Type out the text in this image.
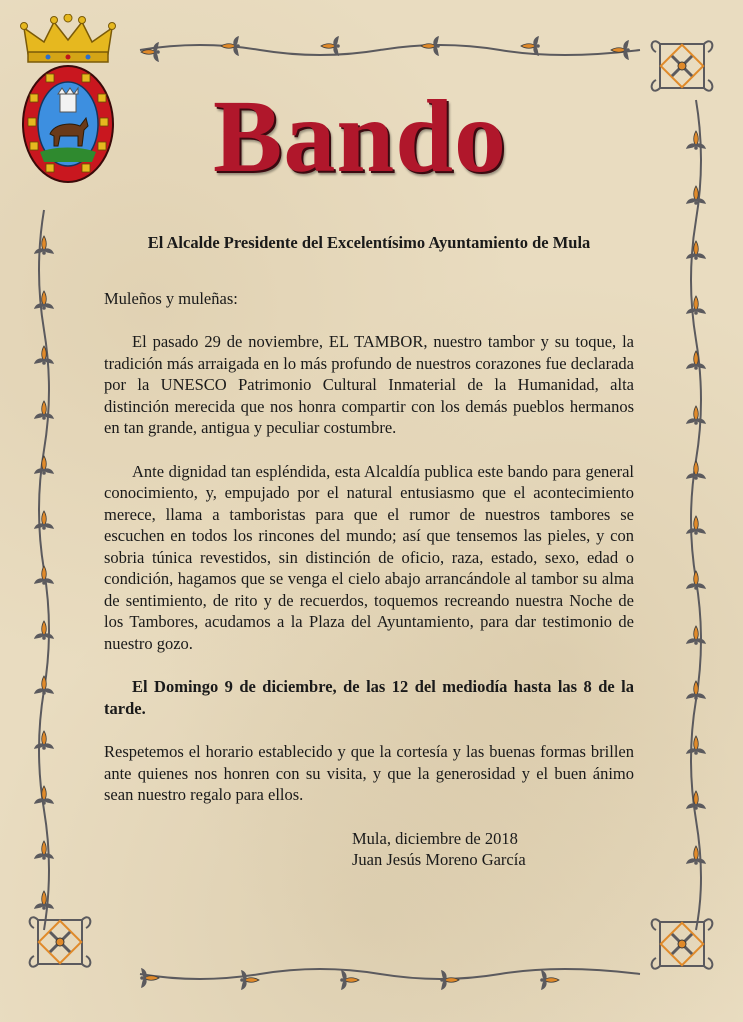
Bando

El Alcalde Presidente del Excelentísimo Ayuntamiento de Mula

Muleños y muleñas:

El pasado 29 de noviembre, EL TAMBOR, nuestro tambor y su toque, la tradición más arraigada en lo más profundo de nuestros corazones fue declarada por la UNESCO Patrimonio Cultural Inmaterial de la Humanidad, alta distinción merecida que nos honra compartir con los demás pueblos hermanos en tan grande, antigua y peculiar costumbre.

Ante dignidad tan espléndida, esta Alcaldía publica este bando para general conocimiento, y, empujado por el natural entusiasmo que el acontecimiento merece, llama a tamboristas para que el rumor de nuestros tambores se escuchen en todos los rincones del mundo; así que tensemos las pieles, y con sobria túnica revestidos, sin distinción de oficio, raza, estado, sexo, edad o condición, hagamos que se venga el cielo abajo arrancándole al tambor su alma de sentimiento, de rito y de recuerdos, toquemos recreando nuestra Noche de los Tambores, acudamos a la Plaza del Ayuntamiento, para dar testimonio de nuestro gozo.

El Domingo 9 de diciembre, de las 12 del mediodía hasta las 8 de la tarde.

Respetemos el horario establecido y que la cortesía y las buenas formas brillen ante quienes nos honren con su visita, y que la generosidad y el buen ánimo sean nuestro regalo para ellos.

Mula, diciembre de 2018
Juan Jesús Moreno García
